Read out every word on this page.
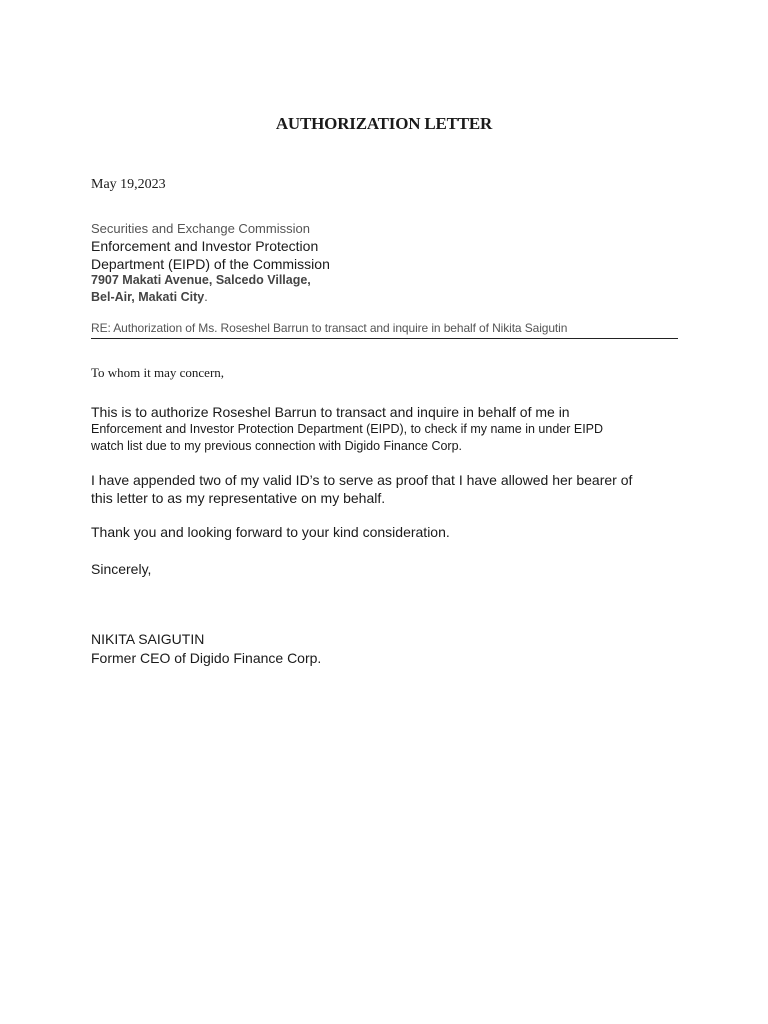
AUTHORIZATION LETTER
May 19,2023
Securities and Exchange Commission
Enforcement and Investor Protection
Department (EIPD) of the Commission
7907 Makati Avenue, Salcedo Village,
Bel-Air, Makati City.
RE: Authorization of Ms. Roseshel Barrun to transact and inquire in behalf of Nikita Saigutin
To whom it may concern,
This is to authorize Roseshel Barrun to transact and inquire in behalf of me in
Enforcement and Investor Protection Department (EIPD), to check if my name in under EIPD
watch list due to my previous connection with Digido Finance Corp.
I have appended two of my valid ID’s to serve as proof that I have allowed her bearer of
this letter to as my representative on my behalf.
Thank you and looking forward to your kind consideration.
Sincerely,
NIKITA SAIGUTIN
Former CEO of Digido Finance Corp.
